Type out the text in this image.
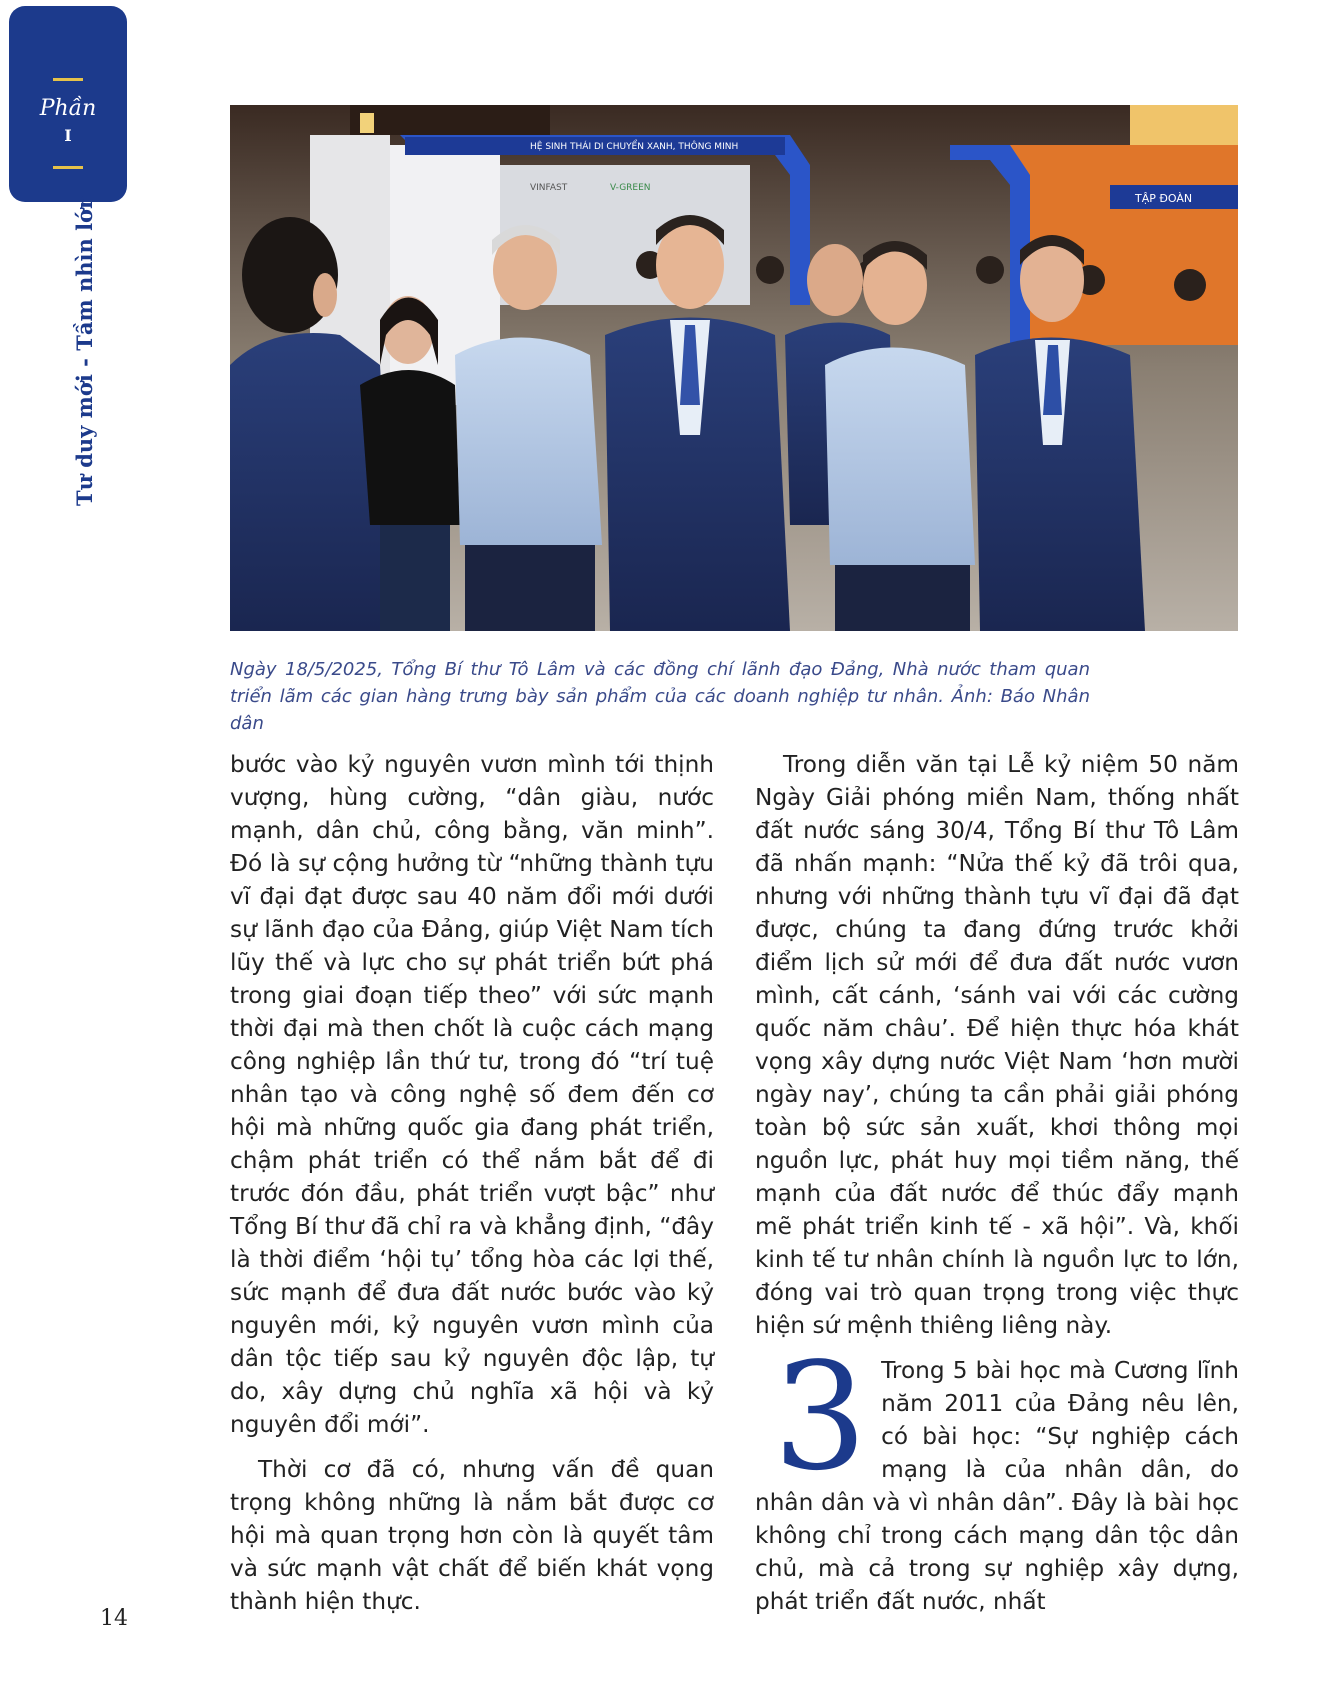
Phần
I
Tư duy mới - Tầm nhìn lớn
HỆ SINH THÁI DI CHUYỂN XANH, THÔNG MINH
VINFAST	V-GREEN
TẬP ĐOÀN
Ngày 18/5/2025, Tổng Bí thư Tô Lâm và các đồng chí lãnh đạo Đảng, Nhà nước tham quan triển lãm các gian hàng trưng bày sản phẩm của các doanh nghiệp tư nhân. Ảnh: Báo Nhân dân

bước vào kỷ nguyên vươn mình tới thịnh vượng, hùng cường, “dân giàu, nước mạnh, dân chủ, công bằng, văn minh”. Đó là sự cộng hưởng từ “những thành tựu vĩ đại đạt được sau 40 năm đổi mới dưới sự lãnh đạo của Đảng, giúp Việt Nam tích lũy thế và lực cho sự phát triển bứt phá trong giai đoạn tiếp theo” với sức mạnh thời đại mà then chốt là cuộc cách mạng công nghiệp lần thứ tư, trong đó “trí tuệ nhân tạo và công nghệ số đem đến cơ hội mà những quốc gia đang phát triển, chậm phát triển có thể nắm bắt để đi trước đón đầu, phát triển vượt bậc” như Tổng Bí thư đã chỉ ra và khẳng định, “đây là thời điểm ‘hội tụ’ tổng hòa các lợi thế, sức mạnh để đưa đất nước bước vào kỷ nguyên mới, kỷ nguyên vươn mình của dân tộc tiếp sau kỷ nguyên độc lập, tự do, xây dựng chủ nghĩa xã hội và kỷ nguyên đổi mới”.

Thời cơ đã có, nhưng vấn đề quan trọng không những là nắm bắt được cơ hội mà quan trọng hơn còn là quyết tâm và sức mạnh vật chất để biến khát vọng thành hiện thực.

Trong diễn văn tại Lễ kỷ niệm 50 năm Ngày Giải phóng miền Nam, thống nhất đất nước sáng 30/4, Tổng Bí thư Tô Lâm đã nhấn mạnh: “Nửa thế kỷ đã trôi qua, nhưng với những thành tựu vĩ đại đã đạt được, chúng ta đang đứng trước khởi điểm lịch sử mới để đưa đất nước vươn mình, cất cánh, ‘sánh vai với các cường quốc năm châu’. Để hiện thực hóa khát vọng xây dựng nước Việt Nam ‘hơn mười ngày nay’, chúng ta cần phải giải phóng toàn bộ sức sản xuất, khơi thông mọi nguồn lực, phát huy mọi tiềm năng, thế mạnh của đất nước để thúc đẩy mạnh mẽ phát triển kinh tế - xã hội”. Và, khối kinh tế tư nhân chính là nguồn lực to lớn, đóng vai trò quan trọng trong việc thực hiện sứ mệnh thiêng liêng này.

3 Trong 5 bài học mà Cương lĩnh năm 2011 của Đảng nêu lên, có bài học: “Sự nghiệp cách mạng là của nhân dân, do nhân dân và vì nhân dân”. Đây là bài học không chỉ trong cách mạng dân tộc dân chủ, mà cả trong sự nghiệp xây dựng, phát triển đất nước, nhất

14
